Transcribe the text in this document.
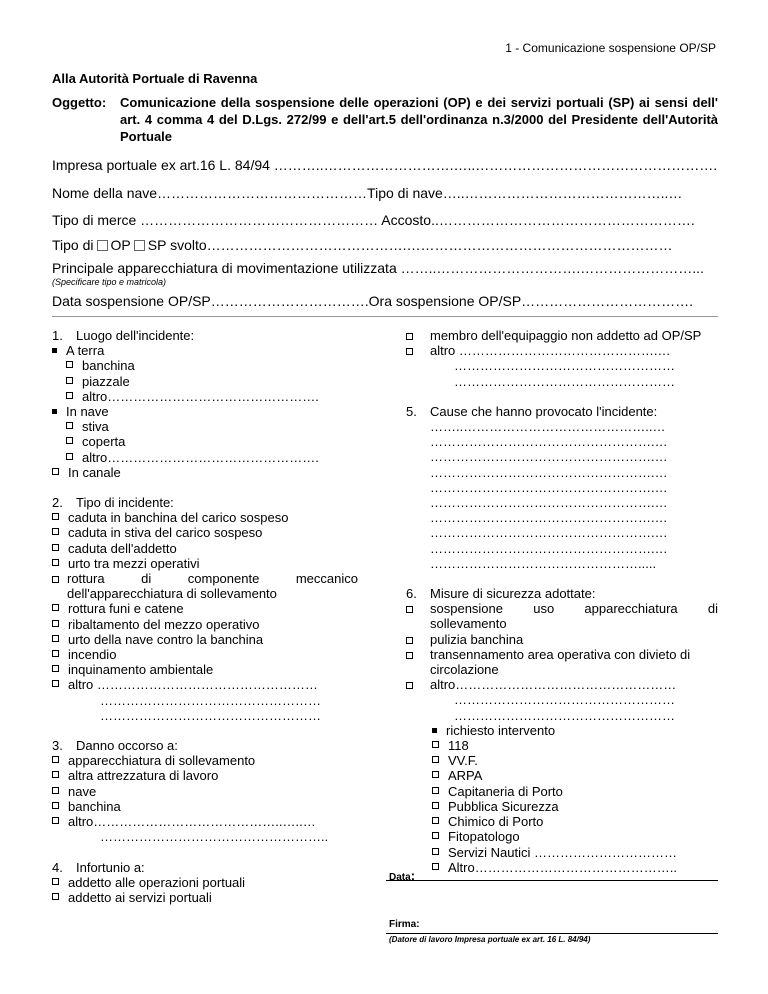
1 - Comunicazione sospensione OP/SP
Alla Autorità Portuale di Ravenna
Oggetto: Comunicazione della sospensione delle operazioni (OP) e dei servizi portuali (SP) ai sensi dell' art. 4 comma 4 del D.Lgs. 272/99 e dell'art.5 dell'ordinanza n.3/2000 del Presidente dell'Autorità Portuale
Impresa portuale ex art.16 L. 84/94 ………..……………………….…..…………………………………………….
Nome della nave………………………………………Tipo di nave…..……………………………………..…
Tipo di merce …………………………………………… Accosto..……………………………………………….
Tipo di OP SP svolto…………………………………….…………………………………………………
Principale apparecchiatura di movimentazione utilizzata ……..………………………….……………………...
(Specificare tipo e matricola)
Data sospensione OP/SP…………………………….Ora sospensione OP/SP……………………………….
1. Luogo dell'incidente:
A terra
banchina
piazzale
altro………………………………………….
In nave
stiva
coperta
altro………………………………………….
In canale
2. Tipo di incidente:
caduta in banchina del carico sospeso
caduta in stiva del carico sospeso
caduta dell'addetto
urto tra mezzi operativi
rottura di componente meccanico dell'apparecchiatura di sollevamento
rottura funi e catene
ribaltamento del mezzo operativo
urto della nave contro la banchina
incendio
inquinamento ambientale
altro ……………………………………………
……………………………………………
……………………………………………
3. Danno occorso a:
apparecchiatura di sollevamento
altra attrezzatura di lavoro
nave
banchina
altro……………………………………..…..…
……………………………………………..
4. Infortunio a:
addetto alle operazioni portuali
addetto ai servizi portuali
membro dell'equipaggio non addetto ad OP/SP
altro ……………………………………….…
……………………………………………
……………………………………………
5. Cause che hanno provocato l'incidente:
……..……………………………………..…
…………………………………………….…
…………………………………………….…
…………………………………………….…
…………………………………………….…
…………………………………………….…
…………………………………………….…
…………………………………………….…
…………………………………………….…
………………………………………….....
6. Misure di sicurezza adottate:
sospensione uso apparecchiatura di sollevamento
pulizia banchina
transennamento area operativa con divieto di circolazione
altro……………………………………………
……………………………………………
……………………………………………
richiesto intervento
118
VV.F.
ARPA
Capitaneria di Porto
Pubblica Sicurezza
Chimico di Porto
Fitopatologo
Servizi Nautici ……………………………
Altro………………………………………..
Data:
Firma:
(Datore di lavoro Impresa portuale ex art. 16 L. 84/94)
